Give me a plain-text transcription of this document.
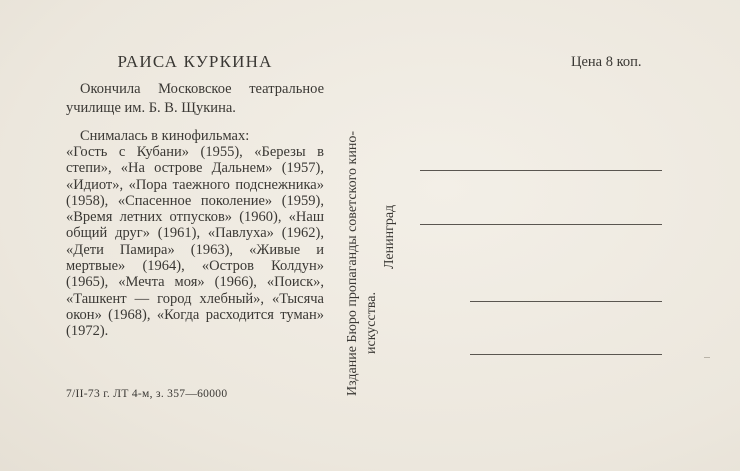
РАИСА КУРКИНА

Окончила Московское театральное училище им. Б. В. Щукина.

Снималась в кинофильмах:

«Гость с Кубани» (1955), «Березы в степи», «На острове Дальнем» (1957), «Идиот», «Пора таежного подснежника» (1958), «Спасенное поколение» (1959), «Время летних отпусков» (1960), «Наш общий друг» (1961), «Павлуха» (1962), «Дети Памира» (1963), «Живые и мертвые» (1964), «Остров Колдун» (1965), «Мечта моя» (1966), «Поиск», «Ташкент — город хлебный», «Тысяча окон» (1968), «Когда расходится туман» (1972).

7/II-73 г. ЛТ 4-м, з. 357—60000	Издание Бюро пропаганды советского кино- искусства.
Ленинград
Цена 8 коп.
